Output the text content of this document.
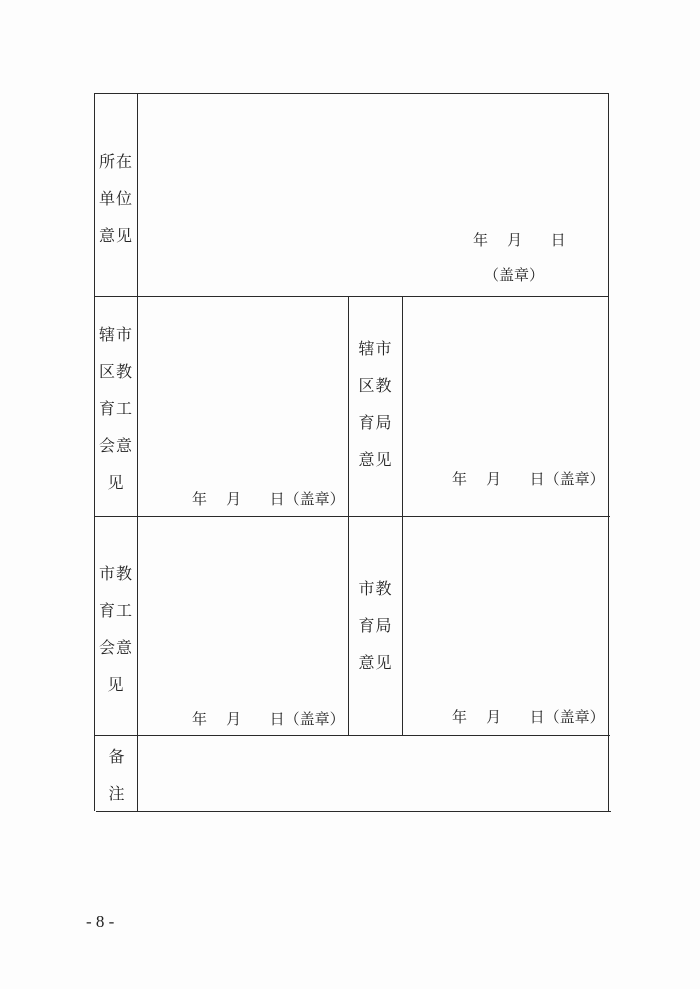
所在
单位
意见	年    月      日
（盖章）
辖市
区教
育工
会意
见
年    月      日（盖章）
辖市
区教
育局
意见
年    月      日（盖章）
市教
育工
会意
见
年    月      日（盖章）
市教
育局
意见
年    月      日（盖章）
备
注
- 8 -
